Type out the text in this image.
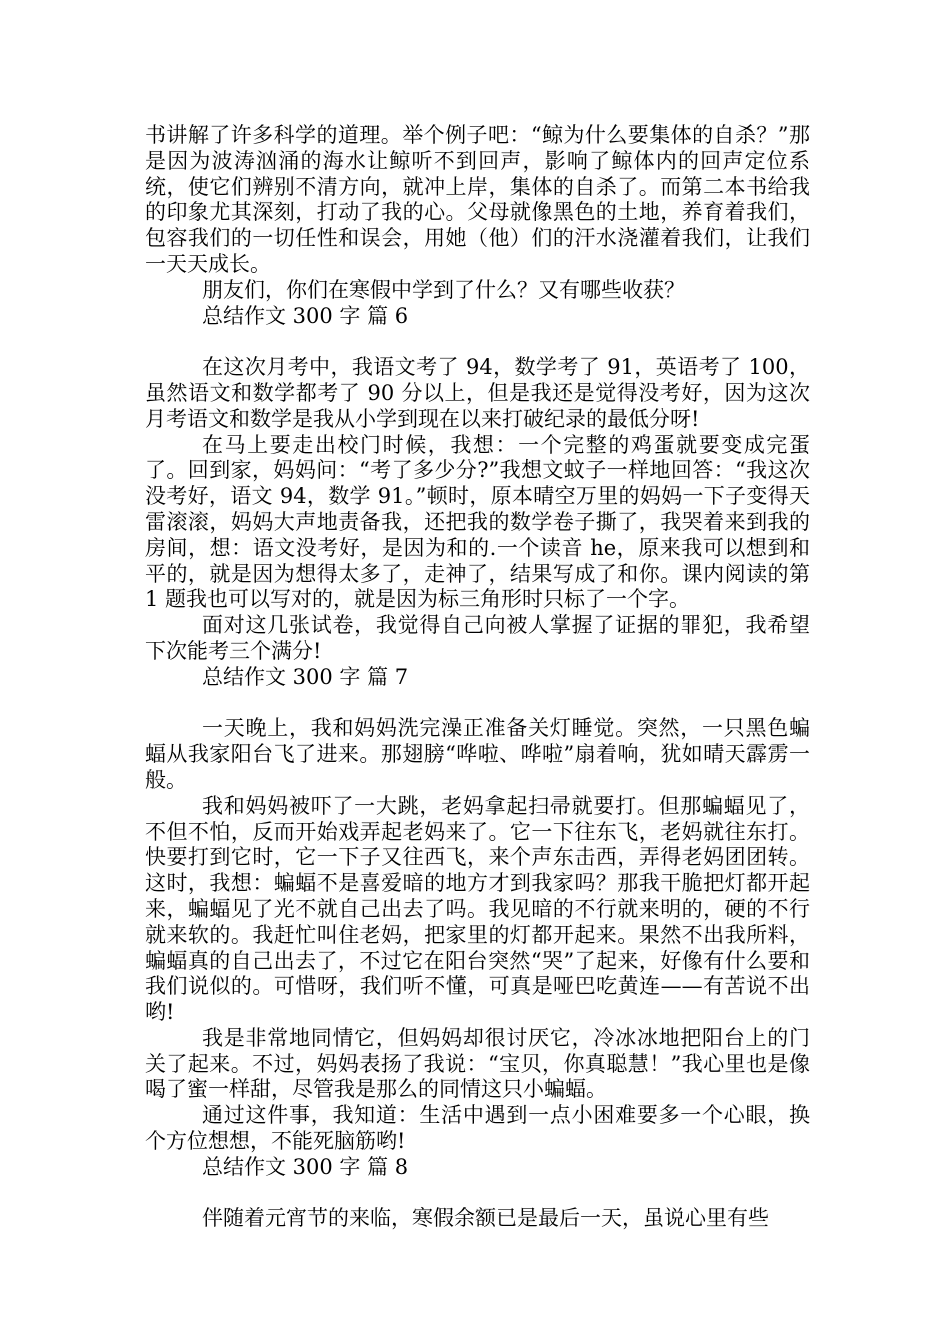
书讲解了许多科学的道理。举个例子吧：“鲸为什么要集体的自杀？”那是因为波涛汹涌的海水让鲸听不到回声，影响了鲸体内的回声定位系统，使它们辨别不清方向，就冲上岸，集体的自杀了。而第二本书给我的印象尤其深刻，打动了我的心。父母就像黑色的土地，养育着我们，包容我们的一切任性和误会，用她（他）们的汗水浇灌着我们，让我们一天天成长。

朋友们，你们在寒假中学到了什么？又有哪些收获？

总结作文 300 字 篇 6

在这次月考中，我语文考了 94，数学考了 91，英语考了 100，虽然语文和数学都考了 90 分以上，但是我还是觉得没考好，因为这次月考语文和数学是我从小学到现在以来打破纪录的最低分呀!

在马上要走出校门时候，我想：一个完整的鸡蛋就要变成完蛋了。回到家，妈妈问：“考了多少分?”我想文蚊子一样地回答：“我这次没考好，语文 94，数学 91。”顿时，原本晴空万里的妈妈一下子变得天雷滚滚，妈妈大声地责备我，还把我的数学卷子撕了，我哭着来到我的房间，想：语文没考好，是因为和的.一个读音 he，原来我可以想到和平的，就是因为想得太多了，走神了，结果写成了和你。课内阅读的第 1 题我也可以写对的，就是因为标三角形时只标了一个字。

面对这几张试卷，我觉得自己向被人掌握了证据的罪犯，我希望下次能考三个满分!

总结作文 300 字 篇 7

一天晚上，我和妈妈洗完澡正准备关灯睡觉。突然，一只黑色蝙蝠从我家阳台飞了进来。那翅膀“哗啦、哗啦”扇着响，犹如晴天霹雳一般。

我和妈妈被吓了一大跳，老妈拿起扫帚就要打。但那蝙蝠见了，不但不怕，反而开始戏弄起老妈来了。它一下往东飞，老妈就往东打。快要打到它时，它一下子又往西飞，来个声东击西，弄得老妈团团转。这时，我想：蝙蝠不是喜爱暗的地方才到我家吗？那我干脆把灯都开起来，蝙蝠见了光不就自己出去了吗。我见暗的不行就来明的，硬的不行就来软的。我赶忙叫住老妈，把家里的灯都开起来。果然不出我所料，蝙蝠真的自己出去了，不过它在阳台突然“哭”了起来，好像有什么要和我们说似的。可惜呀，我们听不懂，可真是哑巴吃黄连——有苦说不出哟!

我是非常地同情它，但妈妈却很讨厌它，冷冰冰地把阳台上的门关了起来。不过，妈妈表扬了我说：“宝贝，你真聪慧！”我心里也是像喝了蜜一样甜，尽管我是那么的同情这只小蝙蝠。

通过这件事，我知道：生活中遇到一点小困难要多一个心眼，换个方位想想，不能死脑筋哟!

总结作文 300 字 篇 8

伴随着元宵节的来临，寒假余额已是最后一天，虽说心里有些
